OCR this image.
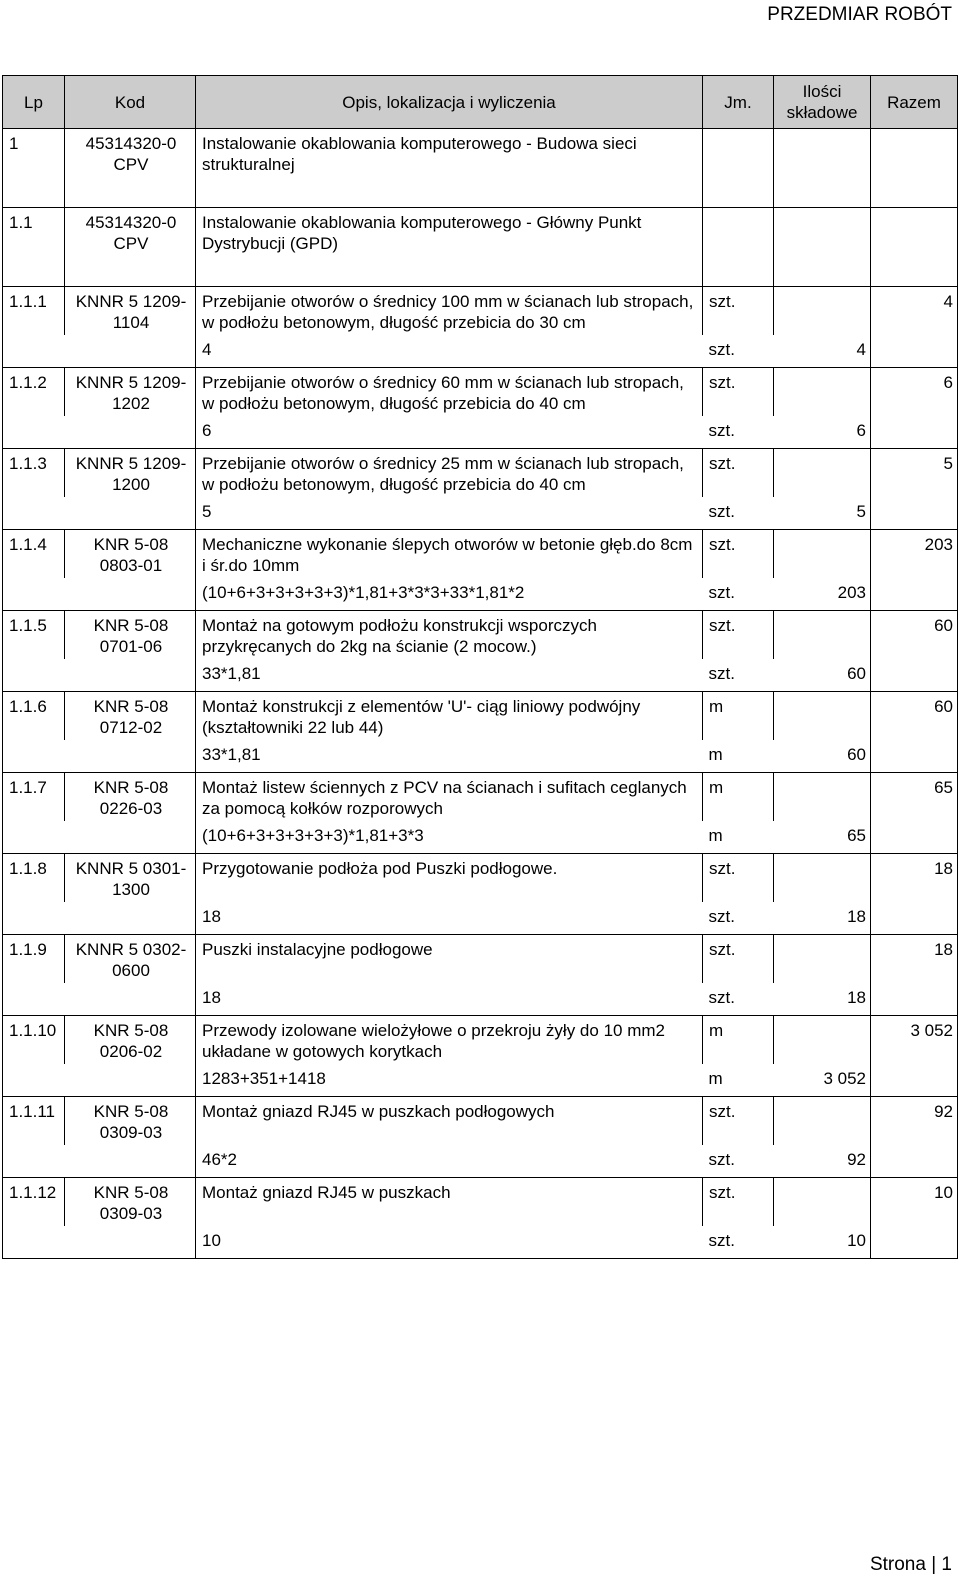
PRZEDMIAR ROBÓT
Lp	Kod	Opis, lokalizacja i wyliczenia	Jm.	Ilości składowe	Razem
1	45314320-0 CPV	Instalowanie okablowania komputerowego - Budowa sieci strukturalnej			

1.1	45314320-0 CPV	Instalowanie okablowania komputerowego - Główny Punkt Dystrybucji (GPD)			

1.1.1	KNNR 5 1209-1104	Przebijanie otworów o średnicy 100 mm w ścianach lub stropach, w podłożu betonowym, długość przebicia do 30 cm	szt.		4
		4	szt.	4	
1.1.2	KNNR 5 1209-1202	Przebijanie otworów o średnicy 60 mm w ścianach lub stropach, w podłożu betonowym, długość przebicia do 40 cm	szt.		6
		6	szt.	6	
1.1.3	KNNR 5 1209-1200	Przebijanie otworów o średnicy 25 mm w ścianach lub stropach, w podłożu betonowym, długość przebicia do 40 cm	szt.		5
		5	szt.	5	
1.1.4	KNR 5-08 0803-01	Mechaniczne wykonanie ślepych otworów w betonie głęb.do 8cm i śr.do 10mm	szt.		203
		(10+6+3+3+3+3+3)*1,81+3*3*3+33*1,81*2	szt.	203	
1.1.5	KNR 5-08 0701-06	Montaż na gotowym podłożu konstrukcji wsporczych przykręcanych do 2kg na ścianie (2 mocow.)	szt.		60
		33*1,81	szt.	60	
1.1.6	KNR 5-08 0712-02	Montaż konstrukcji z elementów 'U'- ciąg liniowy podwójny (kształtowniki 22 lub 44)	m		60
		33*1,81	m	60	
1.1.7	KNR 5-08 0226-03	Montaż listew ściennych z PCV na ścianach i sufitach ceglanych za pomocą kołków rozporowych	m		65
		(10+6+3+3+3+3+3)*1,81+3*3	m	65	
1.1.8	KNNR 5 0301-1300	Przygotowanie podłoża pod Puszki podłogowe.	szt.		18
		18	szt.	18	
1.1.9	KNNR 5 0302-0600	Puszki instalacyjne podłogowe	szt.		18
		18	szt.	18	
1.1.10	KNR 5-08 0206-02	Przewody izolowane wielożyłowe o przekroju żyły do 10 mm2 układane w gotowych korytkach	m		3 052
		1283+351+1418	m	3 052	
1.1.11	KNR 5-08 0309-03	Montaż gniazd RJ45 w puszkach podłogowych	szt.		92
		46*2	szt.	92	
1.1.12	KNR 5-08 0309-03	Montaż gniazd RJ45 w puszkach	szt.		10
		10	szt.	10	
Strona | 1
